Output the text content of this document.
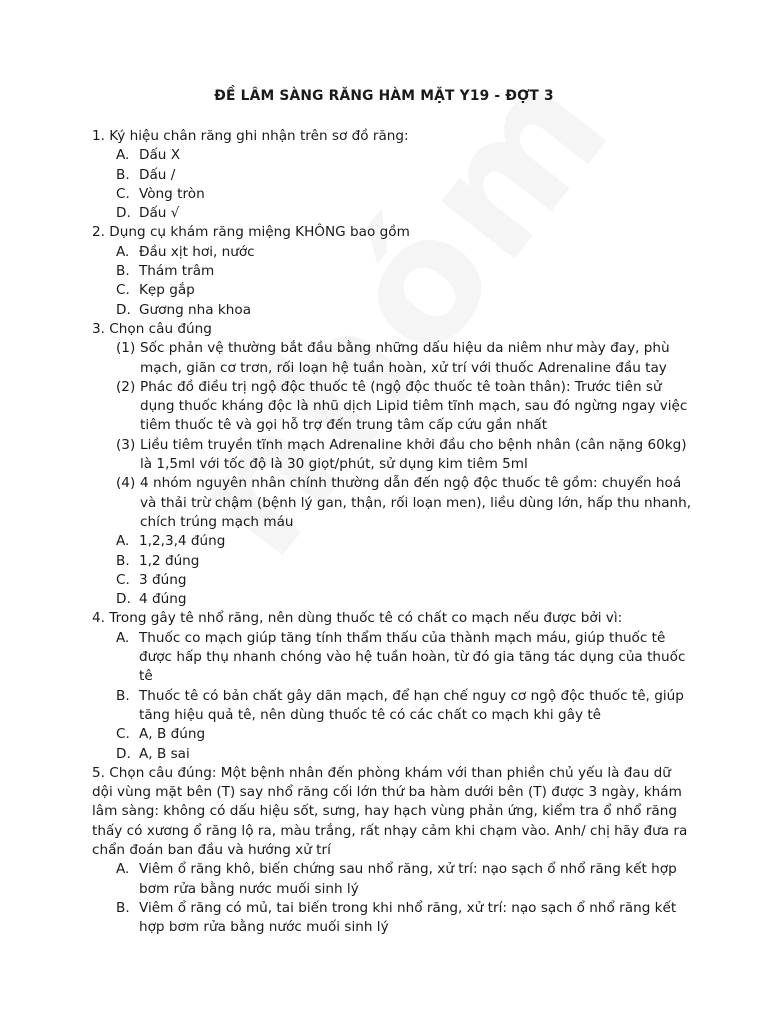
ĐỀ LÂM SÀNG RĂNG HÀM MẶT Y19 - ĐỢT 3

1. Ký hiệu chân răng ghi nhận trên sơ đồ răng:

A. Dấu X
B. Dấu /
C. Vòng tròn
D. Dấu √

2. Dụng cụ khám răng miệng KHÔNG bao gồm

A. Đầu xịt hơi, nước
B. Thám trâm
C. Kẹp gắp
D. Gương nha khoa

3. Chọn câu đúng

(1) Sốc phản vệ thường bắt đầu bằng những dấu hiệu da niêm như mày đay, phù mạch, giãn cơ trơn, rối loạn hệ tuần hoàn, xử trí với thuốc Adrenaline đầu tay
(2) Phác đồ điều trị ngộ độc thuốc tê (ngộ độc thuốc tê toàn thân): Trước tiên sử dụng thuốc kháng độc là nhũ dịch Lipid tiêm tĩnh mạch, sau đó ngừng ngay việc tiêm thuốc tê và gọi hỗ trợ đến trung tâm cấp cứu gần nhất
(3) Liều tiêm truyền tĩnh mạch Adrenaline khởi đầu cho bệnh nhân (cân nặng 60kg) là 1,5ml với tốc độ là 30 giọt/phút, sử dụng kim tiêm 5ml
(4) 4 nhóm nguyên nhân chính thường dẫn đến ngộ độc thuốc tê gồm: chuyển hoá và thải trừ chậm (bệnh lý gan, thận, rối loạn men), liều dùng lớn, hấp thu nhanh, chích trúng mạch máu
A. 1,2,3,4 đúng
B. 1,2 đúng
C. 3 đúng
D. 4 đúng

4. Trong gây tê nhổ răng, nên dùng thuốc tê có chất co mạch nếu được bởi vì:

A. Thuốc co mạch giúp tăng tính thẩm thấu của thành mạch máu, giúp thuốc tê được hấp thụ nhanh chóng vào hệ tuần hoàn, từ đó gia tăng tác dụng của thuốc tê
B. Thuốc tê có bản chất gây dãn mạch, để hạn chế nguy cơ ngộ độc thuốc tê, giúp tăng hiệu quả tê, nên dùng thuốc tê có các chất co mạch khi gây tê
C. A, B đúng
D. A, B sai

5. Chọn câu đúng: Một bệnh nhân đến phòng khám với than phiền chủ yếu là đau dữ dội vùng mặt bên (T) say nhổ răng cối lớn thứ ba hàm dưới bên (T) được 3 ngày, khám lâm sàng: không có dấu hiệu sốt, sưng, hay hạch vùng phản ứng, kiểm tra ổ nhổ răng thấy có xương ổ răng lộ ra, màu trắng, rất nhạy cảm khi chạm vào. Anh/ chị hãy đưa ra chẩn đoán ban đầu và hướng xử trí

A. Viêm ổ răng khô, biến chứng sau nhổ răng, xử trí: nạo sạch ổ nhổ răng kết hợp bơm rửa bằng nước muối sinh lý
B. Viêm ổ răng có mủ, tai biến trong khi nhổ răng, xử trí: nạo sạch ổ nhổ răng kết hợp bơm rửa bằng nước muối sinh lý
